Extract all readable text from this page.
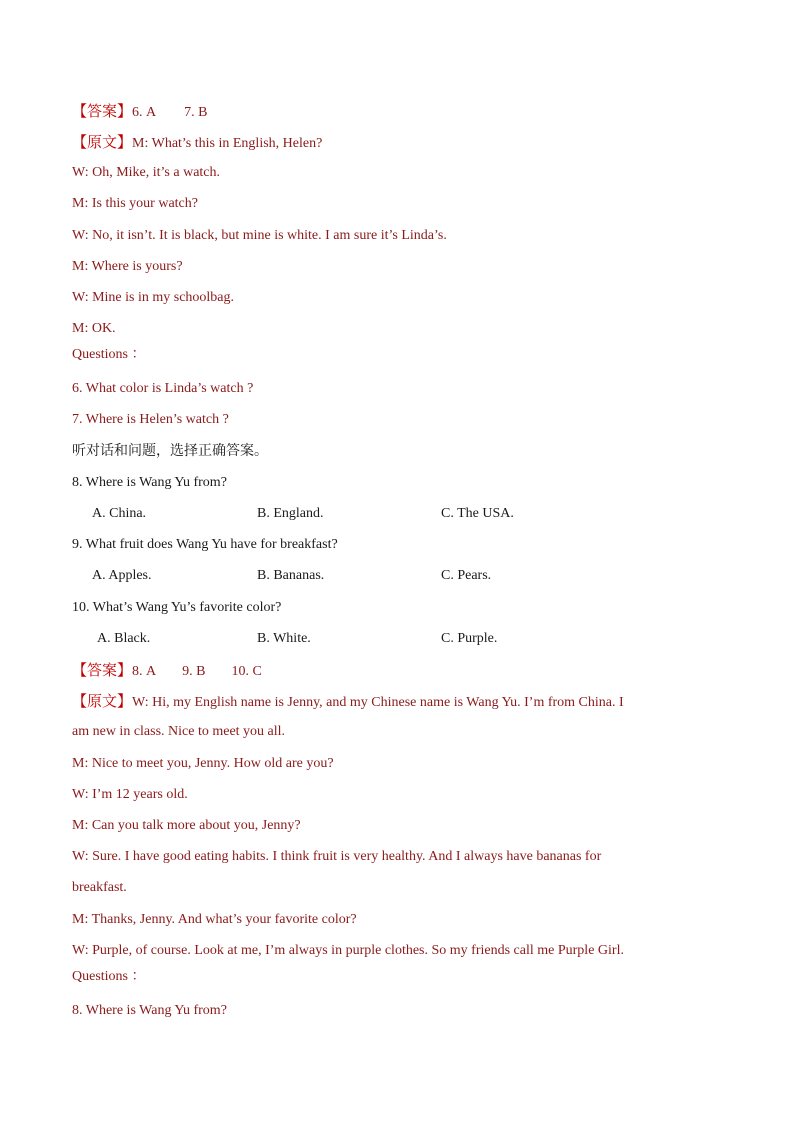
【答案】6. A 7. B
【原文】M: What’s this in English, Helen?
W: Oh, Mike, it’s a watch.
M: Is this your watch?
W: No, it isn’t. It is black, but mine is white. I am sure it’s Linda’s.
M: Where is yours?
W: Mine is in my schoolbag.
M: OK.
Questions ：
6. What color is Linda’s watch ?
7. Where is Helen’s watch ?
听对话和问题，选择正确答案。
8. Where is Wang Yu from?
A. China.	B. England.	C. The USA.
9. What fruit does Wang Yu have for breakfast?
A. Apples.	B. Bananas.	C. Pears.
10. What’s Wang Yu’s favorite color?
A. Black.	B. White.	C. Purple.
【答案】8. A 9. B 10. C
【原文】W: Hi, my English name is Jenny, and my Chinese name is Wang Yu. I’m from China. I
am new in class. Nice to meet you all.
M: Nice to meet you, Jenny. How old are you?
W: I’m 12 years old.
M: Can you talk more about you, Jenny?
W: Sure. I have good eating habits. I think fruit is very healthy. And I always have bananas for
breakfast.
M: Thanks, Jenny. And what’s your favorite color?
W: Purple, of course. Look at me, I’m always in purple clothes. So my friends call me Purple Girl.
Questions ：
8. Where is Wang Yu from?
